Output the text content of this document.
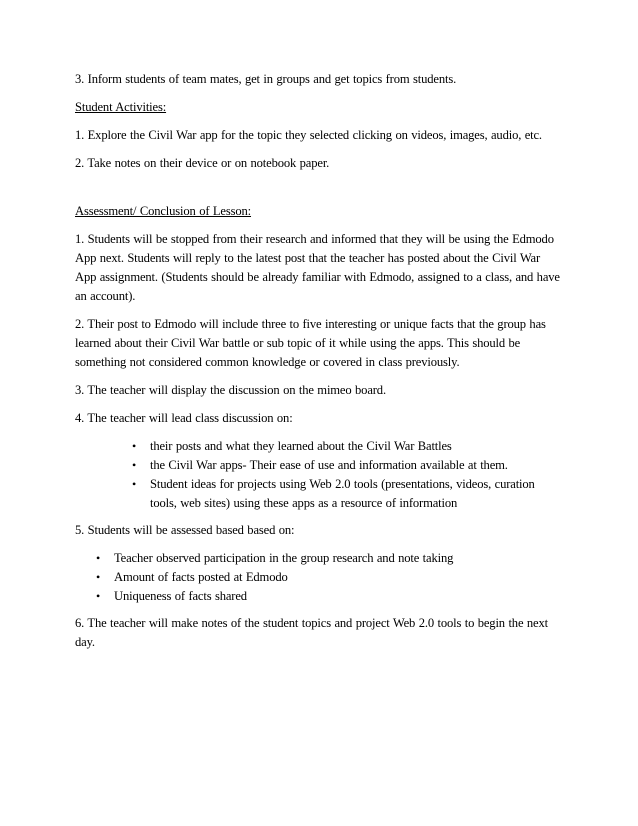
3. Inform students of team mates, get in groups and get topics from students.

Student Activities:

1. Explore the Civil War app for the topic they selected clicking on videos, images, audio, etc.

2. Take notes on their device or on notebook paper.

Assessment/ Conclusion of Lesson:

1. Students will be stopped from their research and informed that they will be using the Edmodo App next. Students will reply to the latest post that the teacher has posted about the Civil War App assignment. (Students should be already familiar with Edmodo, assigned to a class, and have an account).

2. Their post to Edmodo will include three to five interesting or unique facts that the group has learned about their Civil War battle or sub topic of it while using the apps. This should be something not considered common knowledge or covered in class previously.

3. The teacher will display the discussion on the mimeo board.

4. The teacher will lead class discussion on:

• their posts and what they learned about the Civil War Battles
• the Civil War apps- Their ease of use and information available at them.
• Student ideas for projects using Web 2.0 tools (presentations, videos, curation tools, web sites) using these apps as a resource of information

5. Students will be assessed based based on:

• Teacher observed participation in the group research and note taking
• Amount of facts posted at Edmodo
• Uniqueness of facts shared

6. The teacher will make notes of the student topics and project Web 2.0 tools to begin the next day.
